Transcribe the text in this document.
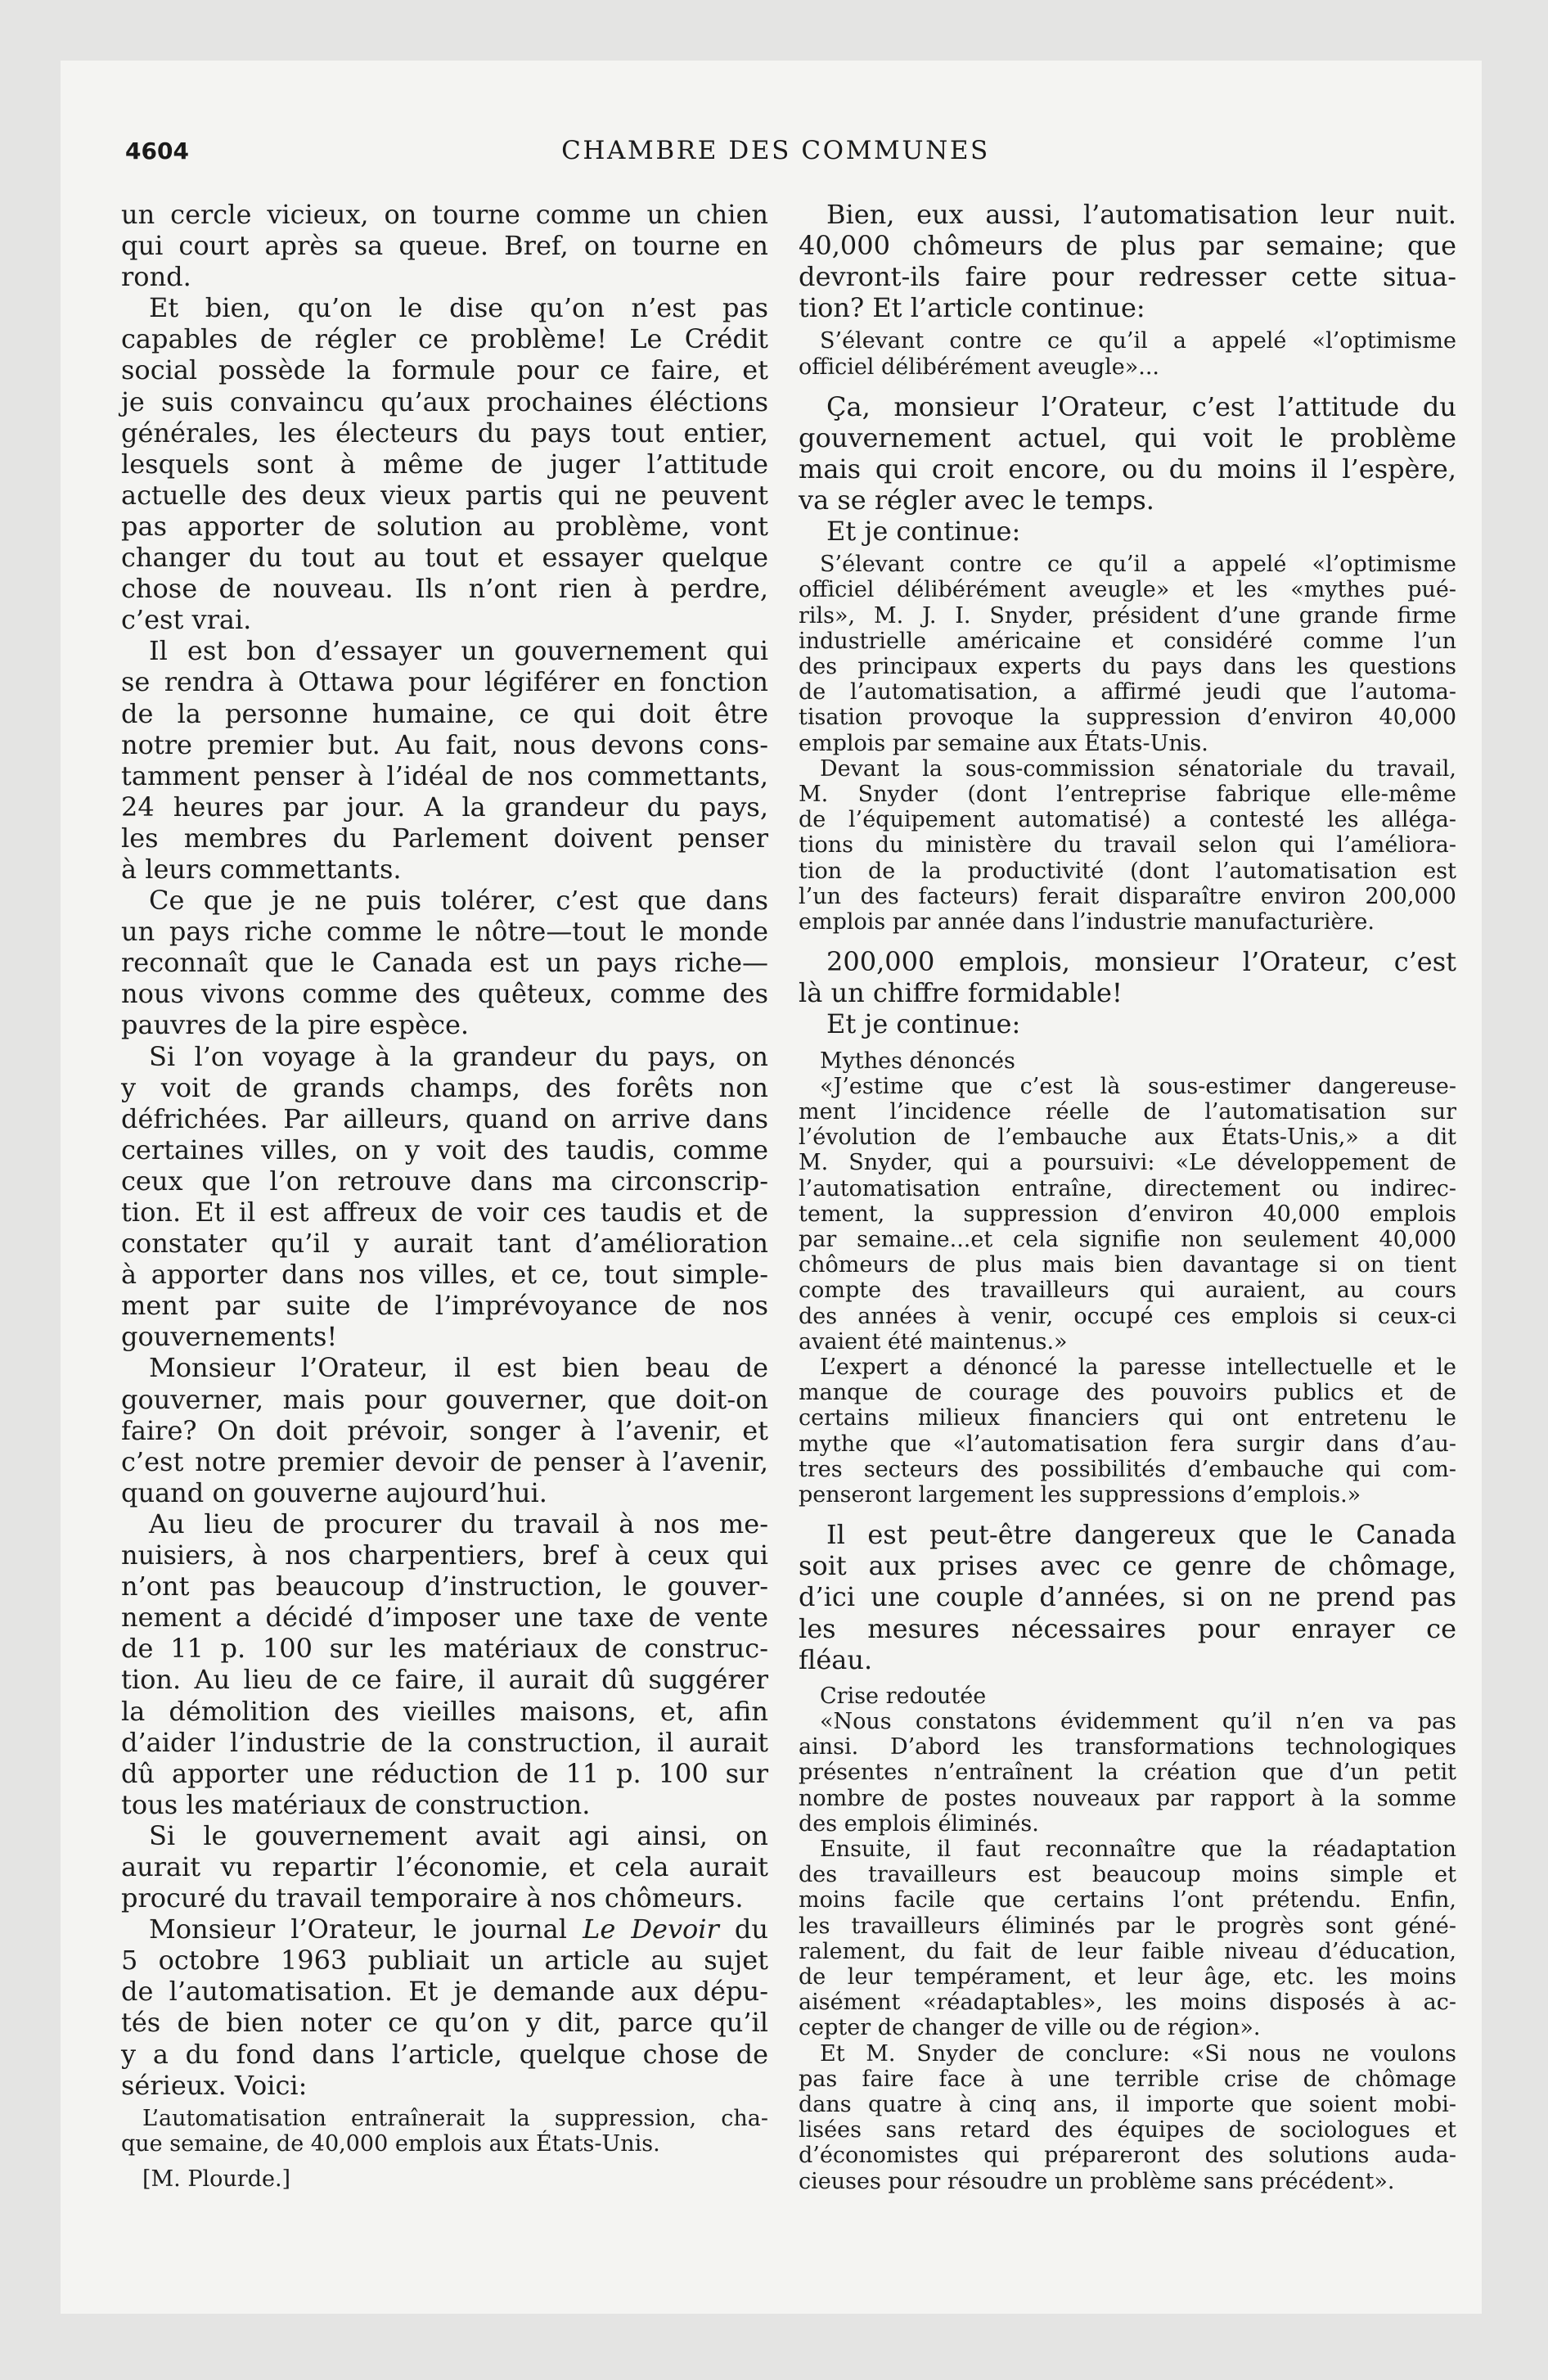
4604	CHAMBRE DES COMMUNES
un cercle vicieux, on tourne comme un chien
qui court après sa queue. Bref, on tourne en
rond.
Et bien, qu’on le dise qu’on n’est pas
capables de régler ce problème! Le Crédit
social possède la formule pour ce faire, et
je suis convaincu qu’aux prochaines éléctions
générales, les électeurs du pays tout entier,
lesquels sont à même de juger l’attitude
actuelle des deux vieux partis qui ne peuvent
pas apporter de solution au problème, vont
changer du tout au tout et essayer quelque
chose de nouveau. Ils n’ont rien à perdre,
c’est vrai.
Il est bon d’essayer un gouvernement qui
se rendra à Ottawa pour légiférer en fonction
de la personne humaine, ce qui doit être
notre premier but. Au fait, nous devons cons-
tamment penser à l’idéal de nos commettants,
24 heures par jour. A la grandeur du pays,
les membres du Parlement doivent penser
à leurs commettants.
Ce que je ne puis tolérer, c’est que dans
un pays riche comme le nôtre—tout le monde
reconnaît que le Canada est un pays riche—
nous vivons comme des quêteux, comme des
pauvres de la pire espèce.
Si l’on voyage à la grandeur du pays, on
y voit de grands champs, des forêts non
défrichées. Par ailleurs, quand on arrive dans
certaines villes, on y voit des taudis, comme
ceux que l’on retrouve dans ma circonscrip-
tion. Et il est affreux de voir ces taudis et de
constater qu’il y aurait tant d’amélioration
à apporter dans nos villes, et ce, tout simple-
ment par suite de l’imprévoyance de nos
gouvernements!
Monsieur l’Orateur, il est bien beau de
gouverner, mais pour gouverner, que doit-on
faire? On doit prévoir, songer à l’avenir, et
c’est notre premier devoir de penser à l’avenir,
quand on gouverne aujourd’hui.
Au lieu de procurer du travail à nos me-
nuisiers, à nos charpentiers, bref à ceux qui
n’ont pas beaucoup d’instruction, le gouver-
nement a décidé d’imposer une taxe de vente
de 11 p. 100 sur les matériaux de construc-
tion. Au lieu de ce faire, il aurait dû suggérer
la démolition des vieilles maisons, et, afin
d’aider l’industrie de la construction, il aurait
dû apporter une réduction de 11 p. 100 sur
tous les matériaux de construction.
Si le gouvernement avait agi ainsi, on
aurait vu repartir l’économie, et cela aurait
procuré du travail temporaire à nos chômeurs.
Monsieur l’Orateur, le journal Le Devoir du
5 octobre 1963 publiait un article au sujet
de l’automatisation. Et je demande aux dépu-
tés de bien noter ce qu’on y dit, parce qu’il
y a du fond dans l’article, quelque chose de
sérieux. Voici:
L’automatisation entraînerait la suppression, cha-
que semaine, de 40,000 emplois aux États-Unis.
[M. Plourde.]
Bien, eux aussi, l’automatisation leur nuit.
40,000 chômeurs de plus par semaine; que
devront-ils faire pour redresser cette situa-
tion? Et l’article continue:
S’élevant contre ce qu’il a appelé «l’optimisme
officiel délibérément aveugle»...
Ça, monsieur l’Orateur, c’est l’attitude du
gouvernement actuel, qui voit le problème
mais qui croit encore, ou du moins il l’espère,
va se régler avec le temps.
Et je continue:
S’élevant contre ce qu’il a appelé «l’optimisme
officiel délibérément aveugle» et les «mythes pué-
rils», M. J. I. Snyder, président d’une grande firme
industrielle américaine et considéré comme l’un
des principaux experts du pays dans les questions
de l’automatisation, a affirmé jeudi que l’automa-
tisation provoque la suppression d’environ 40,000
emplois par semaine aux États-Unis.
Devant la sous-commission sénatoriale du travail,
M. Snyder (dont l’entreprise fabrique elle-même
de l’équipement automatisé) a contesté les alléga-
tions du ministère du travail selon qui l’améliora-
tion de la productivité (dont l’automatisation est
l’un des facteurs) ferait disparaître environ 200,000
emplois par année dans l’industrie manufacturière.
200,000 emplois, monsieur l’Orateur, c’est
là un chiffre formidable!
Et je continue:
Mythes dénoncés
«J’estime que c’est là sous-estimer dangereuse-
ment l’incidence réelle de l’automatisation sur
l’évolution de l’embauche aux États-Unis,» a dit
M. Snyder, qui a poursuivi: «Le développement de
l’automatisation entraîne, directement ou indirec-
tement, la suppression d’environ 40,000 emplois
par semaine...et cela signifie non seulement 40,000
chômeurs de plus mais bien davantage si on tient
compte des travailleurs qui auraient, au cours
des années à venir, occupé ces emplois si ceux-ci
avaient été maintenus.»
L’expert a dénoncé la paresse intellectuelle et le
manque de courage des pouvoirs publics et de
certains milieux financiers qui ont entretenu le
mythe que «l’automatisation fera surgir dans d’au-
tres secteurs des possibilités d’embauche qui com-
penseront largement les suppressions d’emplois.»
Il est peut-être dangereux que le Canada
soit aux prises avec ce genre de chômage,
d’ici une couple d’années, si on ne prend pas
les mesures nécessaires pour enrayer ce
fléau.
Crise redoutée
«Nous constatons évidemment qu’il n’en va pas
ainsi. D’abord les transformations technologiques
présentes n’entraînent la création que d’un petit
nombre de postes nouveaux par rapport à la somme
des emplois éliminés.
Ensuite, il faut reconnaître que la réadaptation
des travailleurs est beaucoup moins simple et
moins facile que certains l’ont prétendu. Enfin,
les travailleurs éliminés par le progrès sont géné-
ralement, du fait de leur faible niveau d’éducation,
de leur tempérament, et leur âge, etc. les moins
aisément «réadaptables», les moins disposés à ac-
cepter de changer de ville ou de région».
Et M. Snyder de conclure: «Si nous ne voulons
pas faire face à une terrible crise de chômage
dans quatre à cinq ans, il importe que soient mobi-
lisées sans retard des équipes de sociologues et
d’économistes qui prépareront des solutions auda-
cieuses pour résoudre un problème sans précédent».
